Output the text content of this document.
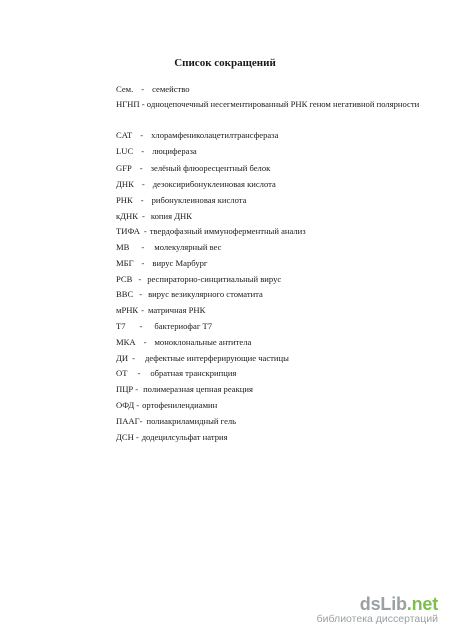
Список сокращений
Сем. - семейство
НГНП - одноцепочечный несегментированный РНК геном негативной полярности
CAT - хлорамфениколацетилтрансфераза
LUC - люцифераза
GFP - зелёный флюоресцентный белок
ДНК - дезоксирибонуклеиновая кислота
РНК - рибонуклеиновая кислота
кДНК - копия ДНК
ТИФА - твердофазный иммуноферментный анализ
МВ - молекулярный вес
МБГ - вирус Марбург
РСВ - респираторно-синцитиальный вирус
ВВС - вирус везикулярного стоматита
мРНК - матричная РНК
Т7 - бактериофаг Т7
МКА - моноклональные антитела
ДИ - дефектные интерферирующие частицы
ОТ - обратная транскрипция
ПЦР - полимеразная цепная реакция
ОФД - ортофенилендиамин
ПААГ- полиакриламидный гель
ДСН - додецилсульфат натрия
dsLib.net
библиотека диссертаций
